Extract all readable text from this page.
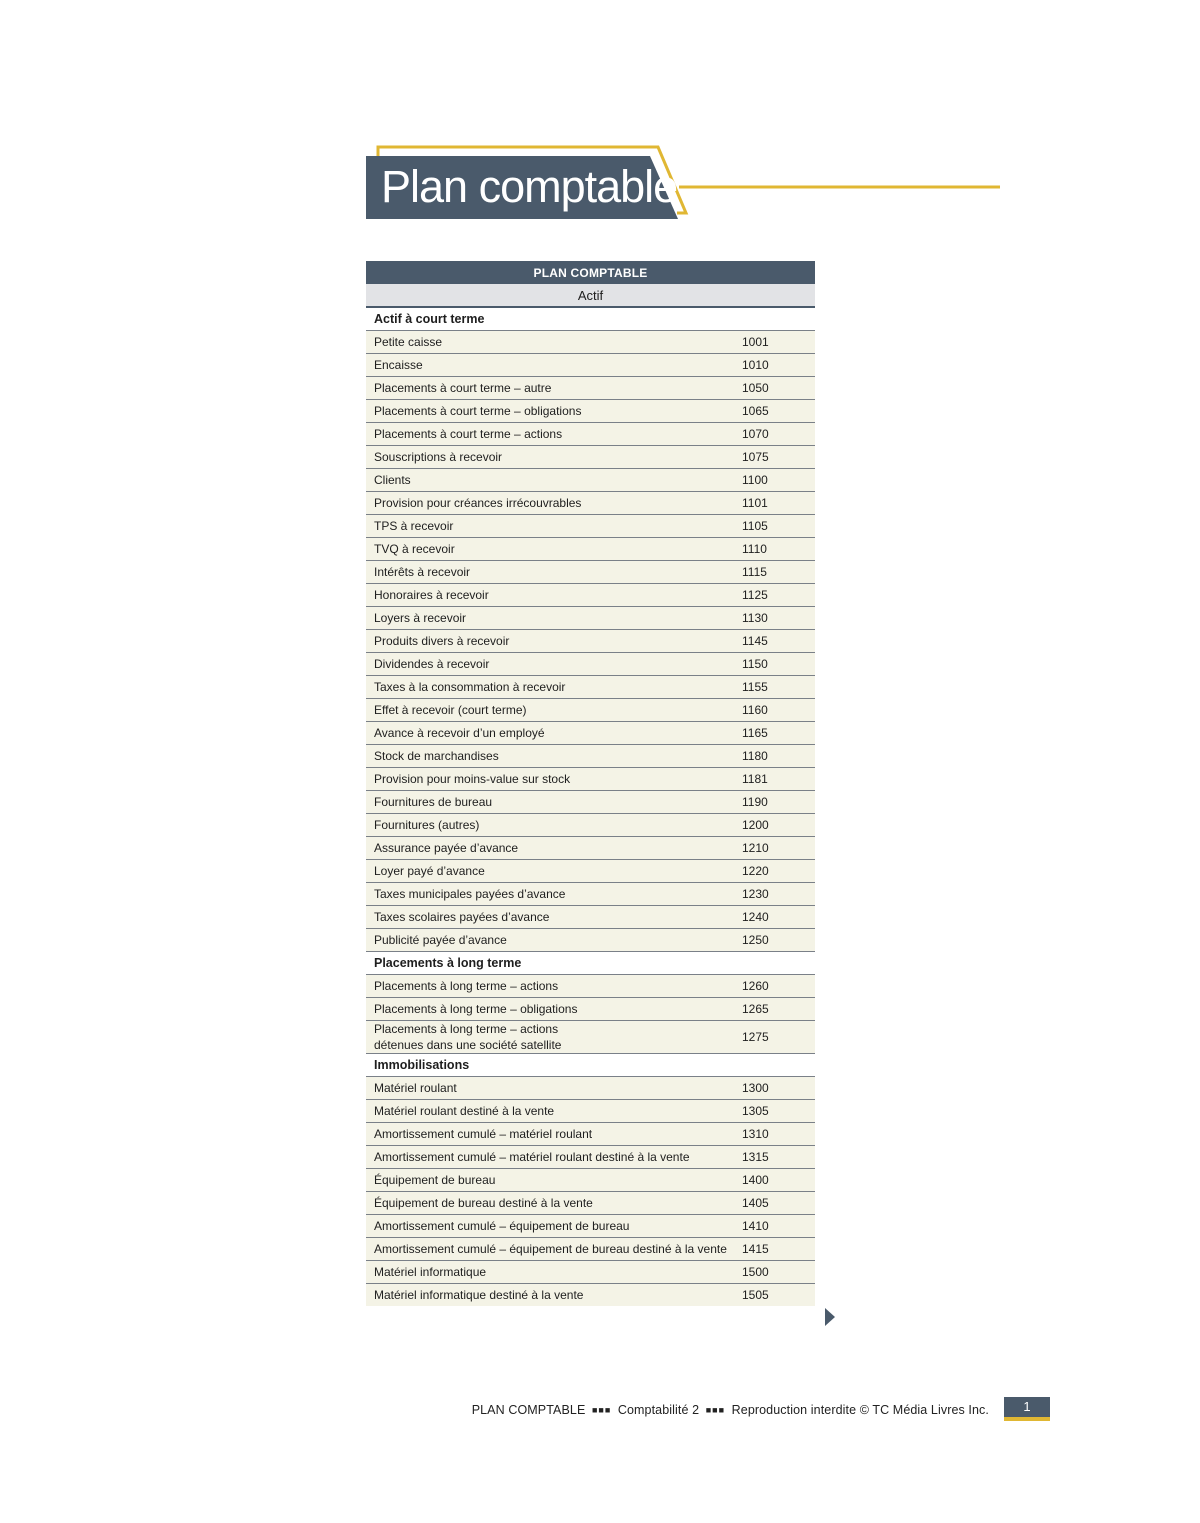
Plan comptable
PLAN COMPTABLE	
Actif	
Actif à court terme	
Petite caisse	1001
Encaisse	1010
Placements à court terme – autre	1050
Placements à court terme – obligations	1065
Placements à court terme – actions	1070
Souscriptions à recevoir	1075
Clients	1100
Provision pour créances irrécouvrables	1101
TPS à recevoir	1105
TVQ à recevoir	1110
Intérêts à recevoir	1115
Honoraires à recevoir	1125
Loyers à recevoir	1130
Produits divers à recevoir	1145
Dividendes à recevoir	1150
Taxes à la consommation à recevoir	1155
Effet à recevoir (court terme)	1160
Avance à recevoir d’un employé	1165
Stock de marchandises	1180
Provision pour moins-value sur stock	1181
Fournitures de bureau	1190
Fournitures (autres)	1200
Assurance payée d’avance	1210
Loyer payé d’avance	1220
Taxes municipales payées d’avance	1230
Taxes scolaires payées d’avance	1240
Publicité payée d’avance	1250
Placements à long terme	
Placements à long terme – actions	1260
Placements à long terme – obligations	1265
Placements à long terme – actions
détenues dans une société satellite	1275
Immobilisations	
Matériel roulant	1300
Matériel roulant destiné à la vente	1305
Amortissement cumulé – matériel roulant	1310
Amortissement cumulé – matériel roulant destiné à la vente	1315
Équipement de bureau	1400
Équipement de bureau destiné à la vente	1405
Amortissement cumulé – équipement de bureau	1410
Amortissement cumulé – équipement de bureau destiné à la vente	1415
Matériel informatique	1500
Matériel informatique destiné à la vente	1505
PLAN COMPTABLE ■■■ Comptabilité 2 ■■■ Reproduction interdite © TC Média Livres Inc.	1
